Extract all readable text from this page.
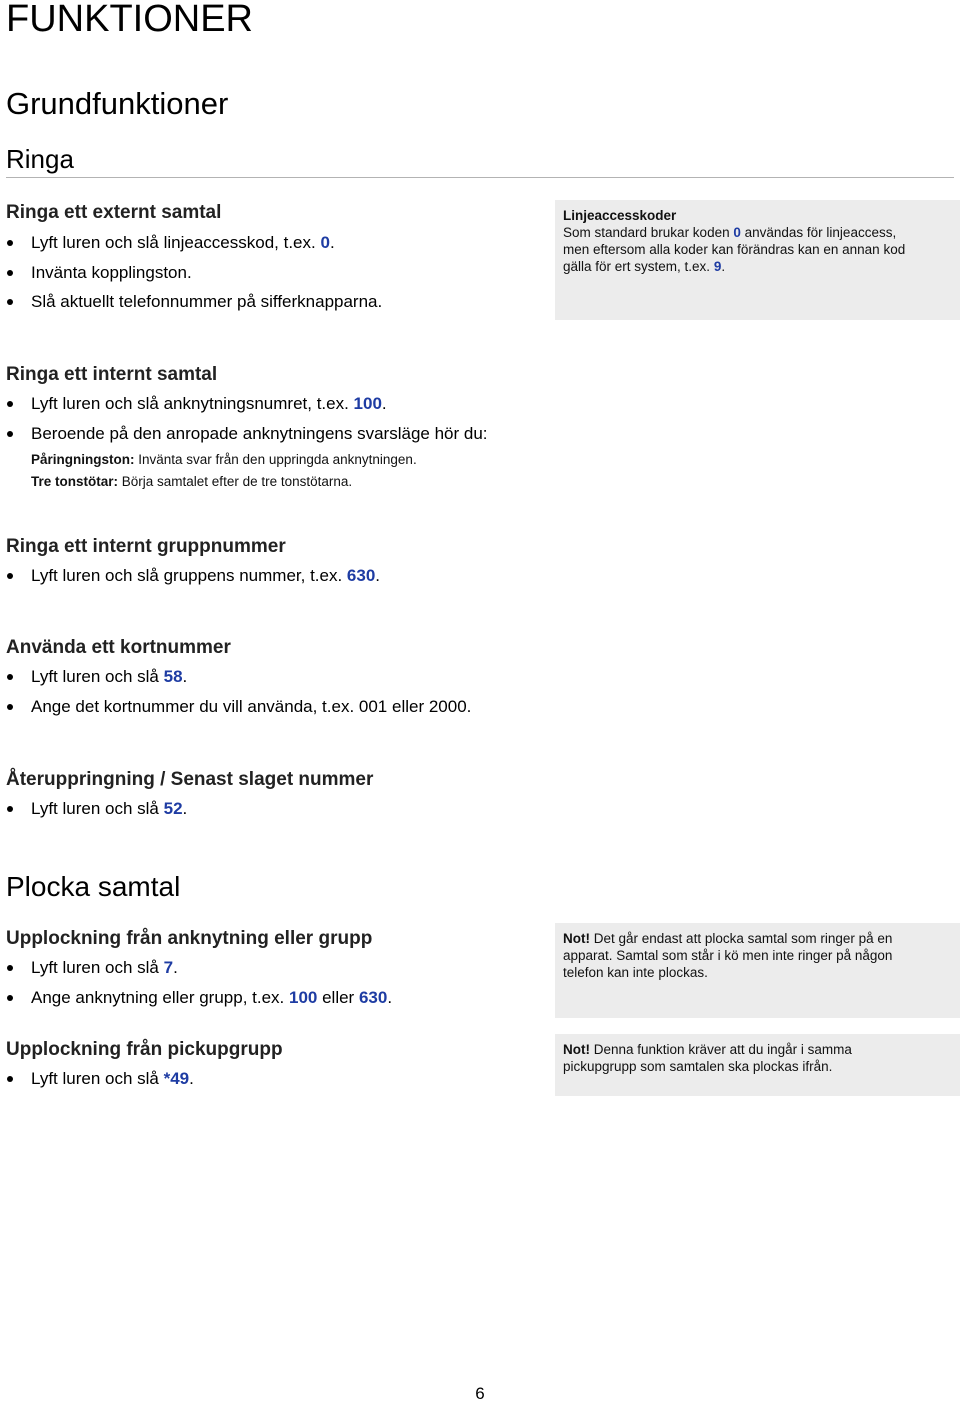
FUNKTIONER
Grundfunktioner
Ringa
Ringa ett externt samtal
Lyft luren och slå linjeaccesskod, t.ex. 0.
Invänta kopplingston.
Slå aktuellt telefonnummer på sifferknapparna.
Linjeaccesskoder
Som standard brukar koden 0 användas för linjeaccess,
men eftersom alla koder kan förändras kan en annan kod
gälla för ert system, t.ex. 9.
Ringa ett internt samtal
Lyft luren och slå anknytningsnumret, t.ex. 100.
Beroende på den anropade anknytningens svarsläge hör du:
Påringningston: Invänta svar från den uppringda anknytningen.
Tre tonstötar: Börja samtalet efter de tre tonstötarna.
Ringa ett internt gruppnummer
Lyft luren och slå gruppens nummer, t.ex. 630.
Använda ett kortnummer
Lyft luren och slå 58.
Ange det kortnummer du vill använda, t.ex. 001 eller 2000.
Återuppringning / Senast slaget nummer
Lyft luren och slå 52.
Plocka samtal
Upplockning från anknytning eller grupp
Lyft luren och slå 7.
Ange anknytning eller grupp, t.ex. 100 eller 630.
Not! Det går endast att plocka samtal som ringer på en
apparat. Samtal som står i kö men inte ringer på någon
telefon kan inte plockas.
Upplockning från pickupgrupp
Lyft luren och slå *49.
Not! Denna funktion kräver att du ingår i samma
pickupgrupp som samtalen ska plockas ifrån.
6
